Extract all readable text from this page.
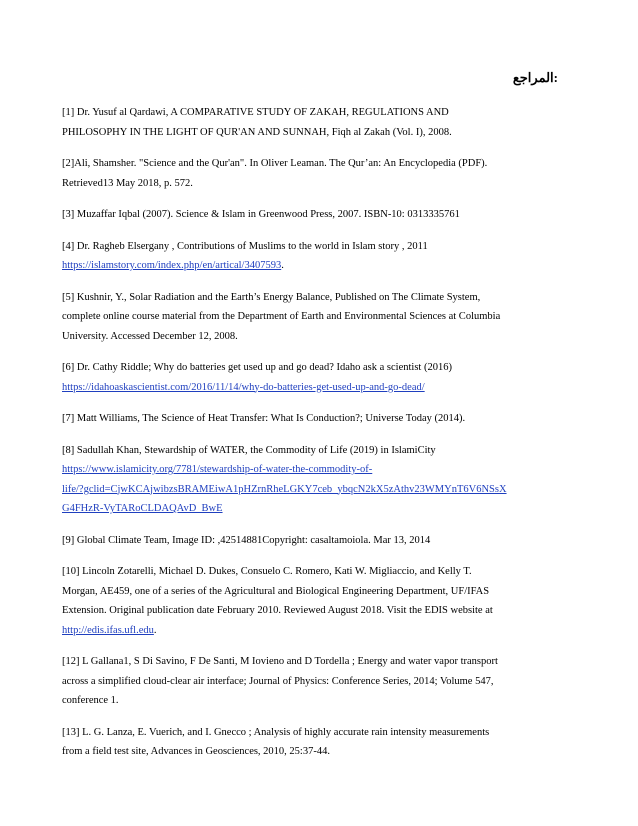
:المراجع
[1] Dr. Yusuf al Qardawi, A COMPARATIVE STUDY OF ZAKAH, REGULATIONS AND
PHILOSOPHY IN THE LIGHT OF QUR'AN AND SUNNAH, Fiqh al Zakah (Vol. I), 2008.
[2]Ali, Shamsher. "Science and the Qur'an". In Oliver Leaman. The Qur’an: An Encyclopedia (PDF).
Retrieved13 May 2018, p. 572.
[3] Muzaffar Iqbal (2007). Science & Islam in Greenwood Press, 2007. ISBN-10: 0313335761
[4] Dr. Ragheb Elsergany , Contributions of Muslims to the world in Islam story , 2011
https://islamstory.com/index.php/en/artical/3407593.
[5] Kushnir, Y., Solar Radiation and the Earth’s Energy Balance, Published on The Climate System,
complete online course material from the Department of Earth and Environmental Sciences at Columbia
University. Accessed December 12, 2008.
[6] Dr. Cathy Riddle; Why do batteries get used up and go dead? Idaho ask a scientist (2016)
https://idahoaskascientist.com/2016/11/14/why-do-batteries-get-used-up-and-go-dead/
[7] Matt Williams, The Science of Heat Transfer: What Is Conduction?; Universe Today (2014).
[8] Sadullah Khan, Stewardship of WATER, the Commodity of Life (2019) in IslamiCity
https://www.islamicity.org/7781/stewardship-of-water-the-commodity-of-
life/?gclid=CjwKCAjwibzsBRAMEiwA1pHZrnRheLGKY7ceb_ybqcN2kX5zAthv23WMYnT6V6NSsX
G4FHzR-VyTARoCLDAQAvD_BwE
[9] Global Climate Team, Image ID: ,42514881Copyright: casaltamoiola. Mar 13, 2014
[10] Lincoln Zotarelli, Michael D. Dukes, Consuelo C. Romero, Kati W. Migliaccio, and Kelly T.
Morgan, AE459, one of a series of the Agricultural and Biological Engineering Department, UF/IFAS
Extension. Original publication date February 2010. Reviewed August 2018. Visit the EDIS website at
http://edis.ifas.ufl.edu.
[12] L Gallana1, S Di Savino, F De Santi, M Iovieno and D Tordella ; Energy and water vapor transport
across a simplified cloud-clear air interface; Journal of Physics: Conference Series, 2014; Volume 547,
conference 1.
[13] L. G. Lanza, E. Vuerich, and I. Gnecco ; Analysis of highly accurate rain intensity measurements
from a field test site, Advances in Geosciences, 2010, 25:37-44.
